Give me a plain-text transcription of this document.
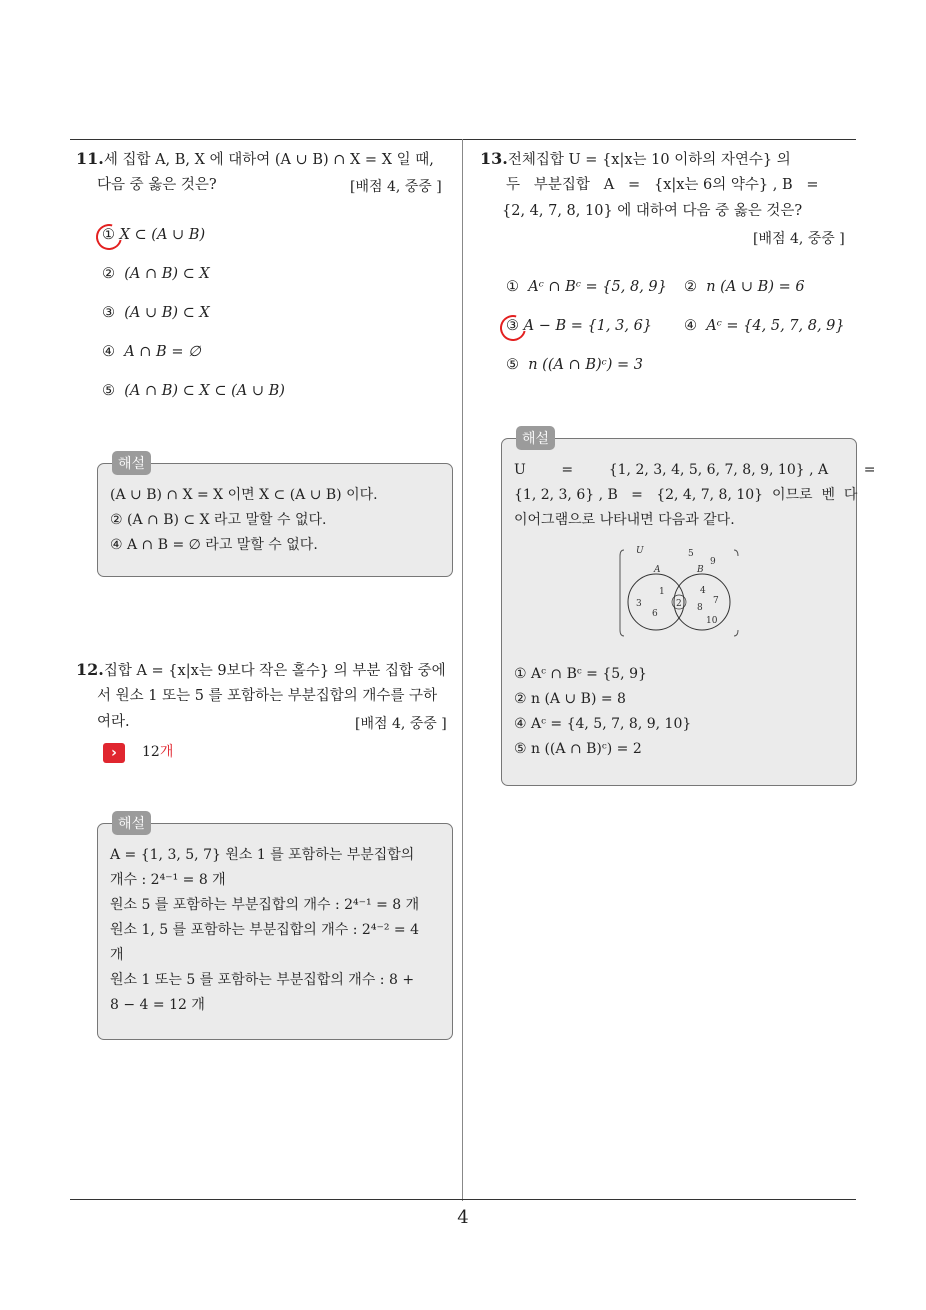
11.세 집합 A, B, X 에 대하여 (A ∪ B) ∩ X = X 일 때,
다음 중 옳은 것은?	[배점 4, 중중 ]
① X ⊂ (A ∪ B)
② (A ∩ B) ⊂ X
③ (A ∪ B) ⊂ X
④ A ∩ B = ∅
⑤ (A ∩ B) ⊂ X ⊂ (A ∪ B)
(A ∪ B) ∩ X = X 이면 X ⊂ (A ∪ B) 이다.
② (A ∩ B) ⊂ X 라고 말할 수 없다.
④ A ∩ B = ∅ 라고 말할 수 없다.
해설
12.집합 A = {x|x는 9보다 작은 홀수} 의 부분 집합 중에
서 원소 1 또는 5 를 포함하는 부분집합의 개수를 구하
여라.	[배점 4, 중중 ]
›	12개
A = {1, 3, 5, 7} 원소 1 를 포함하는 부분집합의
개수 : 2⁴⁻¹ = 8 개
원소 5 를 포함하는 부분집합의 개수 : 2⁴⁻¹ = 8 개
원소 1, 5 를 포함하는 부분집합의 개수 : 2⁴⁻² = 4
개
원소 1 또는 5 를 포함하는 부분집합의 개수 : 8 +
8 − 4 = 12 개
해설
13.전체집합 U = {x|x는 10 이하의 자연수} 의
두   부분집합   A   =   {x|x는 6의 약수} , B   =
{2, 4, 7, 8, 10} 에 대하여 다음 중 옳은 것은?
[배점 4, 중중 ]
① Aᶜ ∩ Bᶜ = {5, 8, 9} ② n (A ∪ B) = 6
③ A − B = {1, 3, 6} ④ Aᶜ = {4, 5, 7, 8, 9}
⑤ n ((A ∩ B)ᶜ) = 3
U        =        {1, 2, 3, 4, 5, 6, 7, 8, 9, 10} , A        =
{1, 2, 3, 6} , B   =   {2, 4, 7, 8, 10}  이므로  벤  다
이어그램으로 나타내면 다음과 같다.
U
A	B
5
9
1
3
6
2
4
7
8
10
① Aᶜ ∩ Bᶜ = {5, 9}
② n (A ∪ B) = 8
④ Aᶜ = {4, 5, 7, 8, 9, 10}
⑤ n ((A ∩ B)ᶜ) = 2
해설
4
